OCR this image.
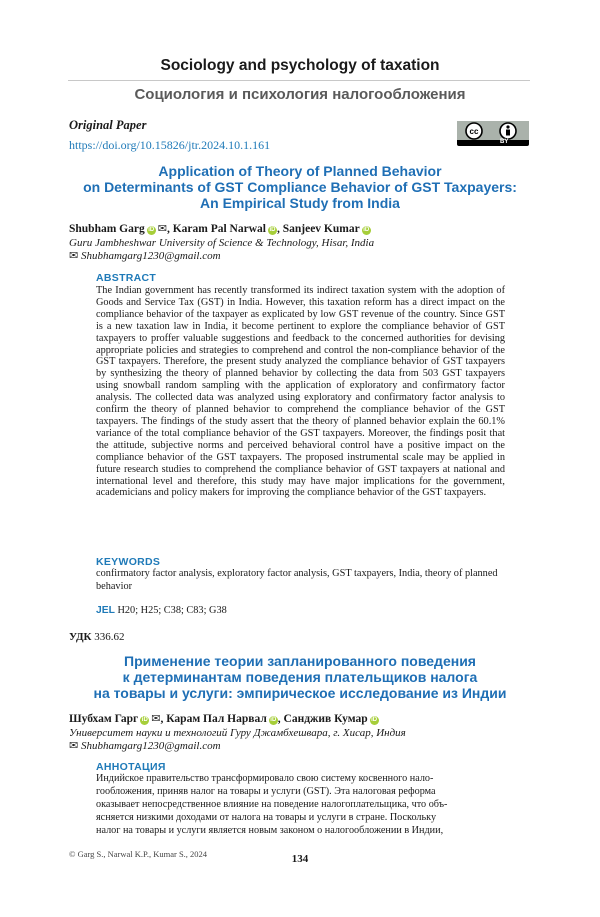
Sociology and psychology of taxation
Социология и психология налогообложения
Original Paper
https://doi.org/10.15826/jtr.2024.10.1.161
cc
BY
Application of Theory of Planned Behavior
on Determinants of GST Compliance Behavior of GST Taxpayers:
An Empirical Study from India
Shubham Garg iD ✉, Karam Pal Narwal iD , Sanjeev Kumar iD
Guru Jambheshwar University of Science & Technology, Hisar, India
✉ Shubhamgarg1230@gmail.com
ABSTRACT
The Indian government has recently transformed its indirect taxation system with the adoption of Goods and Service Tax (GST) in India. However, this taxation reform has a direct impact on the compliance behavior of the taxpayer as explicated by low GST revenue of the country. Since GST is a new taxation law in India, it become pertinent to explore the compliance behavior of GST taxpayers to proffer valuable suggestions and feedback to the concerned authorities for devising appropriate policies and strategies to comprehend and control the non-compliance behavior of the GST taxpayers. Therefore, the present study analyzed the compliance behavior of GST taxpayers by synthesizing the theory of planned behavior by collecting the data from 503 GST taxpayers using snowball random sampling with the application of exploratory and confirmatory factor analysis. The collected data was analyzed using exploratory and confirmatory factor analysis to confirm the theory of planned behavior to comprehend the compliance behavior of the GST taxpayers. The findings of the study assert that the theory of planned behavior explain the 60.1% variance of the total compliance behavior of the GST taxpayers. Moreover, the findings posit that the attitude, subjective norms and perceived behavioral control have a positive impact on the compliance behavior of the GST taxpayers. The proposed instrumental scale may be applied in future research studies to comprehend the compliance behavior of GST taxpayers at national and international level and therefore, this study may have major implications for the government, academicians and policy makers for improving the compliance behavior of the GST taxpayers.
KEYWORDS
confirmatory factor analysis, exploratory factor analysis, GST taxpayers, India, theory of planned behavior
JEL H20; H25; C38; C83; G38
УДК 336.62
Применение теории запланированного поведения
к детерминантам поведения плательщиков налога
на товары и услуги: эмпирическое исследование из Индии
Шубхам Гарг iD ✉, Карам Пал Нарвал iD , Санджив Кумар iD
Университет науки и технологий Гуру Джамбхешвара, г. Хисар, Индия
✉ Shubhamgarg1230@gmail.com
АННОТАЦИЯ
Индийское правительство трансформировало свою систему косвенного нало-
гообложения, приняв налог на товары и услуги (GST). Эта налоговая реформа
оказывает непосредственное влияние на поведение налогоплательщика, что объ-
ясняется низкими доходами от налога на товары и услуги в стране. Поскольку
налог на товары и услуги является новым законом о налогообложении в Индии,
© Garg S., Narwal K.P., Kumar S., 2024	134
